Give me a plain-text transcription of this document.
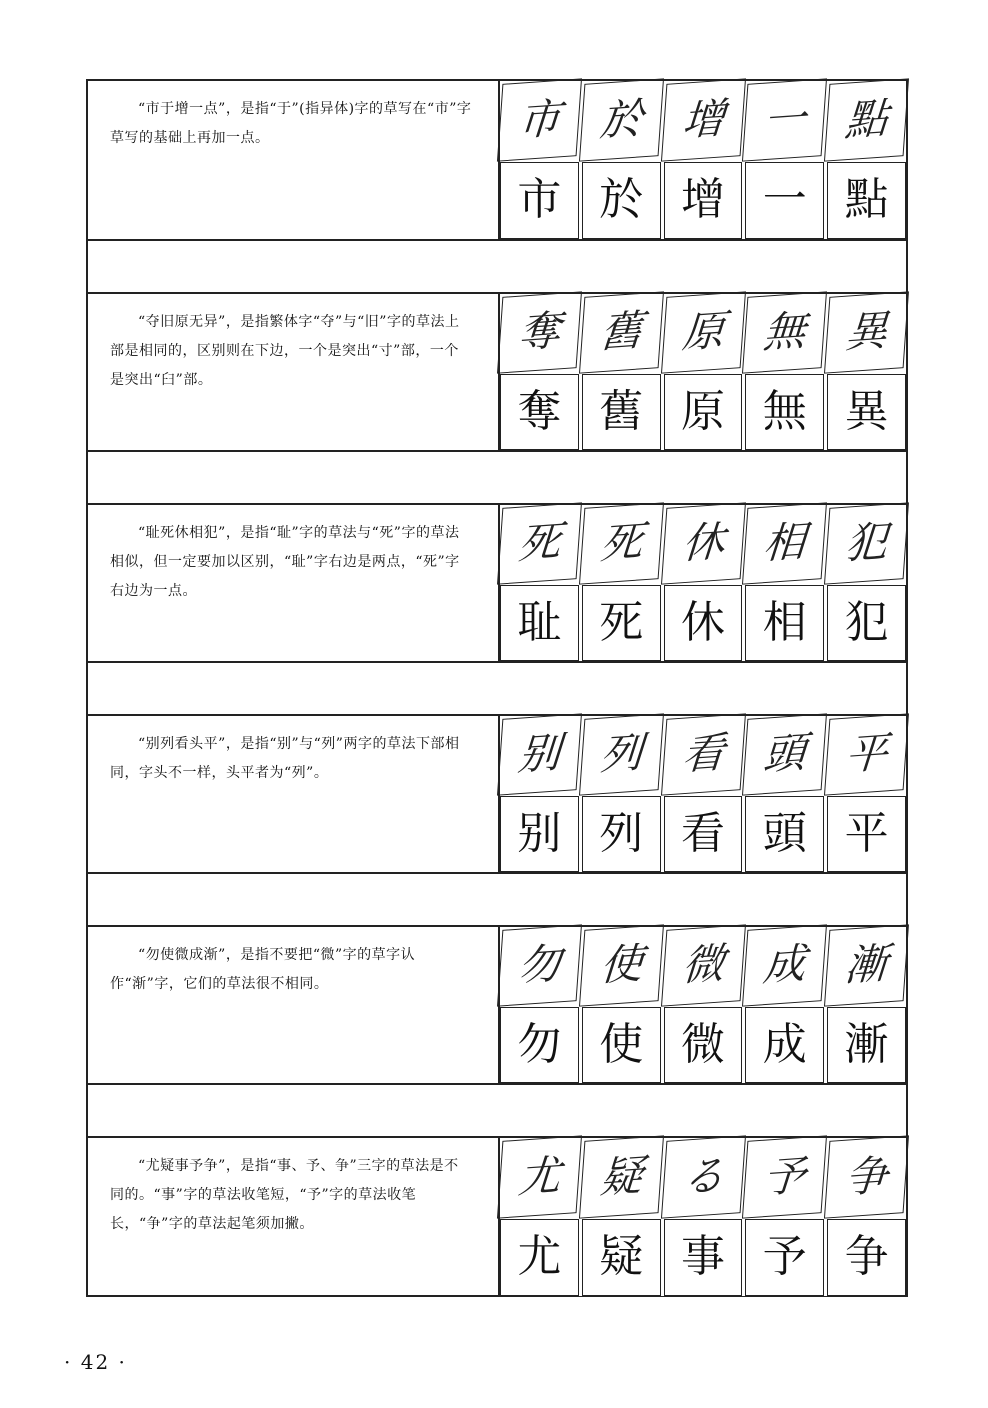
“市于增一点”，是指“于”(指异体)字的草写在“市”字草写的基础上再加一点。	市 於 增 一 點
市 於 增 一 點
“夺旧原无异”，是指繁体字“夺”与“旧”字的草法上部是相同的，区别则在下边，一个是突出“寸”部，一个是突出“臼”部。
奪 舊 原 無 異
奪 舊 原 無 異
“耻死休相犯”，是指“耻”字的草法与“死”字的草法相似，但一定要加以区别，“耻”字右边是两点，“死”字右边为一点。
死 死 休 相 犯
耻 死 休 相 犯
“别列看头平”，是指“别”与“列”两字的草法下部相同，字头不一样，头平者为“列”。	别 列 看 頭 平
别 列 看 頭 平
“勿使微成渐”，是指不要把“微”字的草字认作“渐”字，它们的草法很不相同。	勿 使 微 成 漸
勿 使 微 成 漸
“尤疑事予争”，是指“事、予、争”三字的草法是不同的。“事”字的草法收笔短，“予”字的草法收笔长，“争”字的草法起笔须加撇。
尤 疑 る 予 争
尤 疑 事 予 争
· 42 ·
